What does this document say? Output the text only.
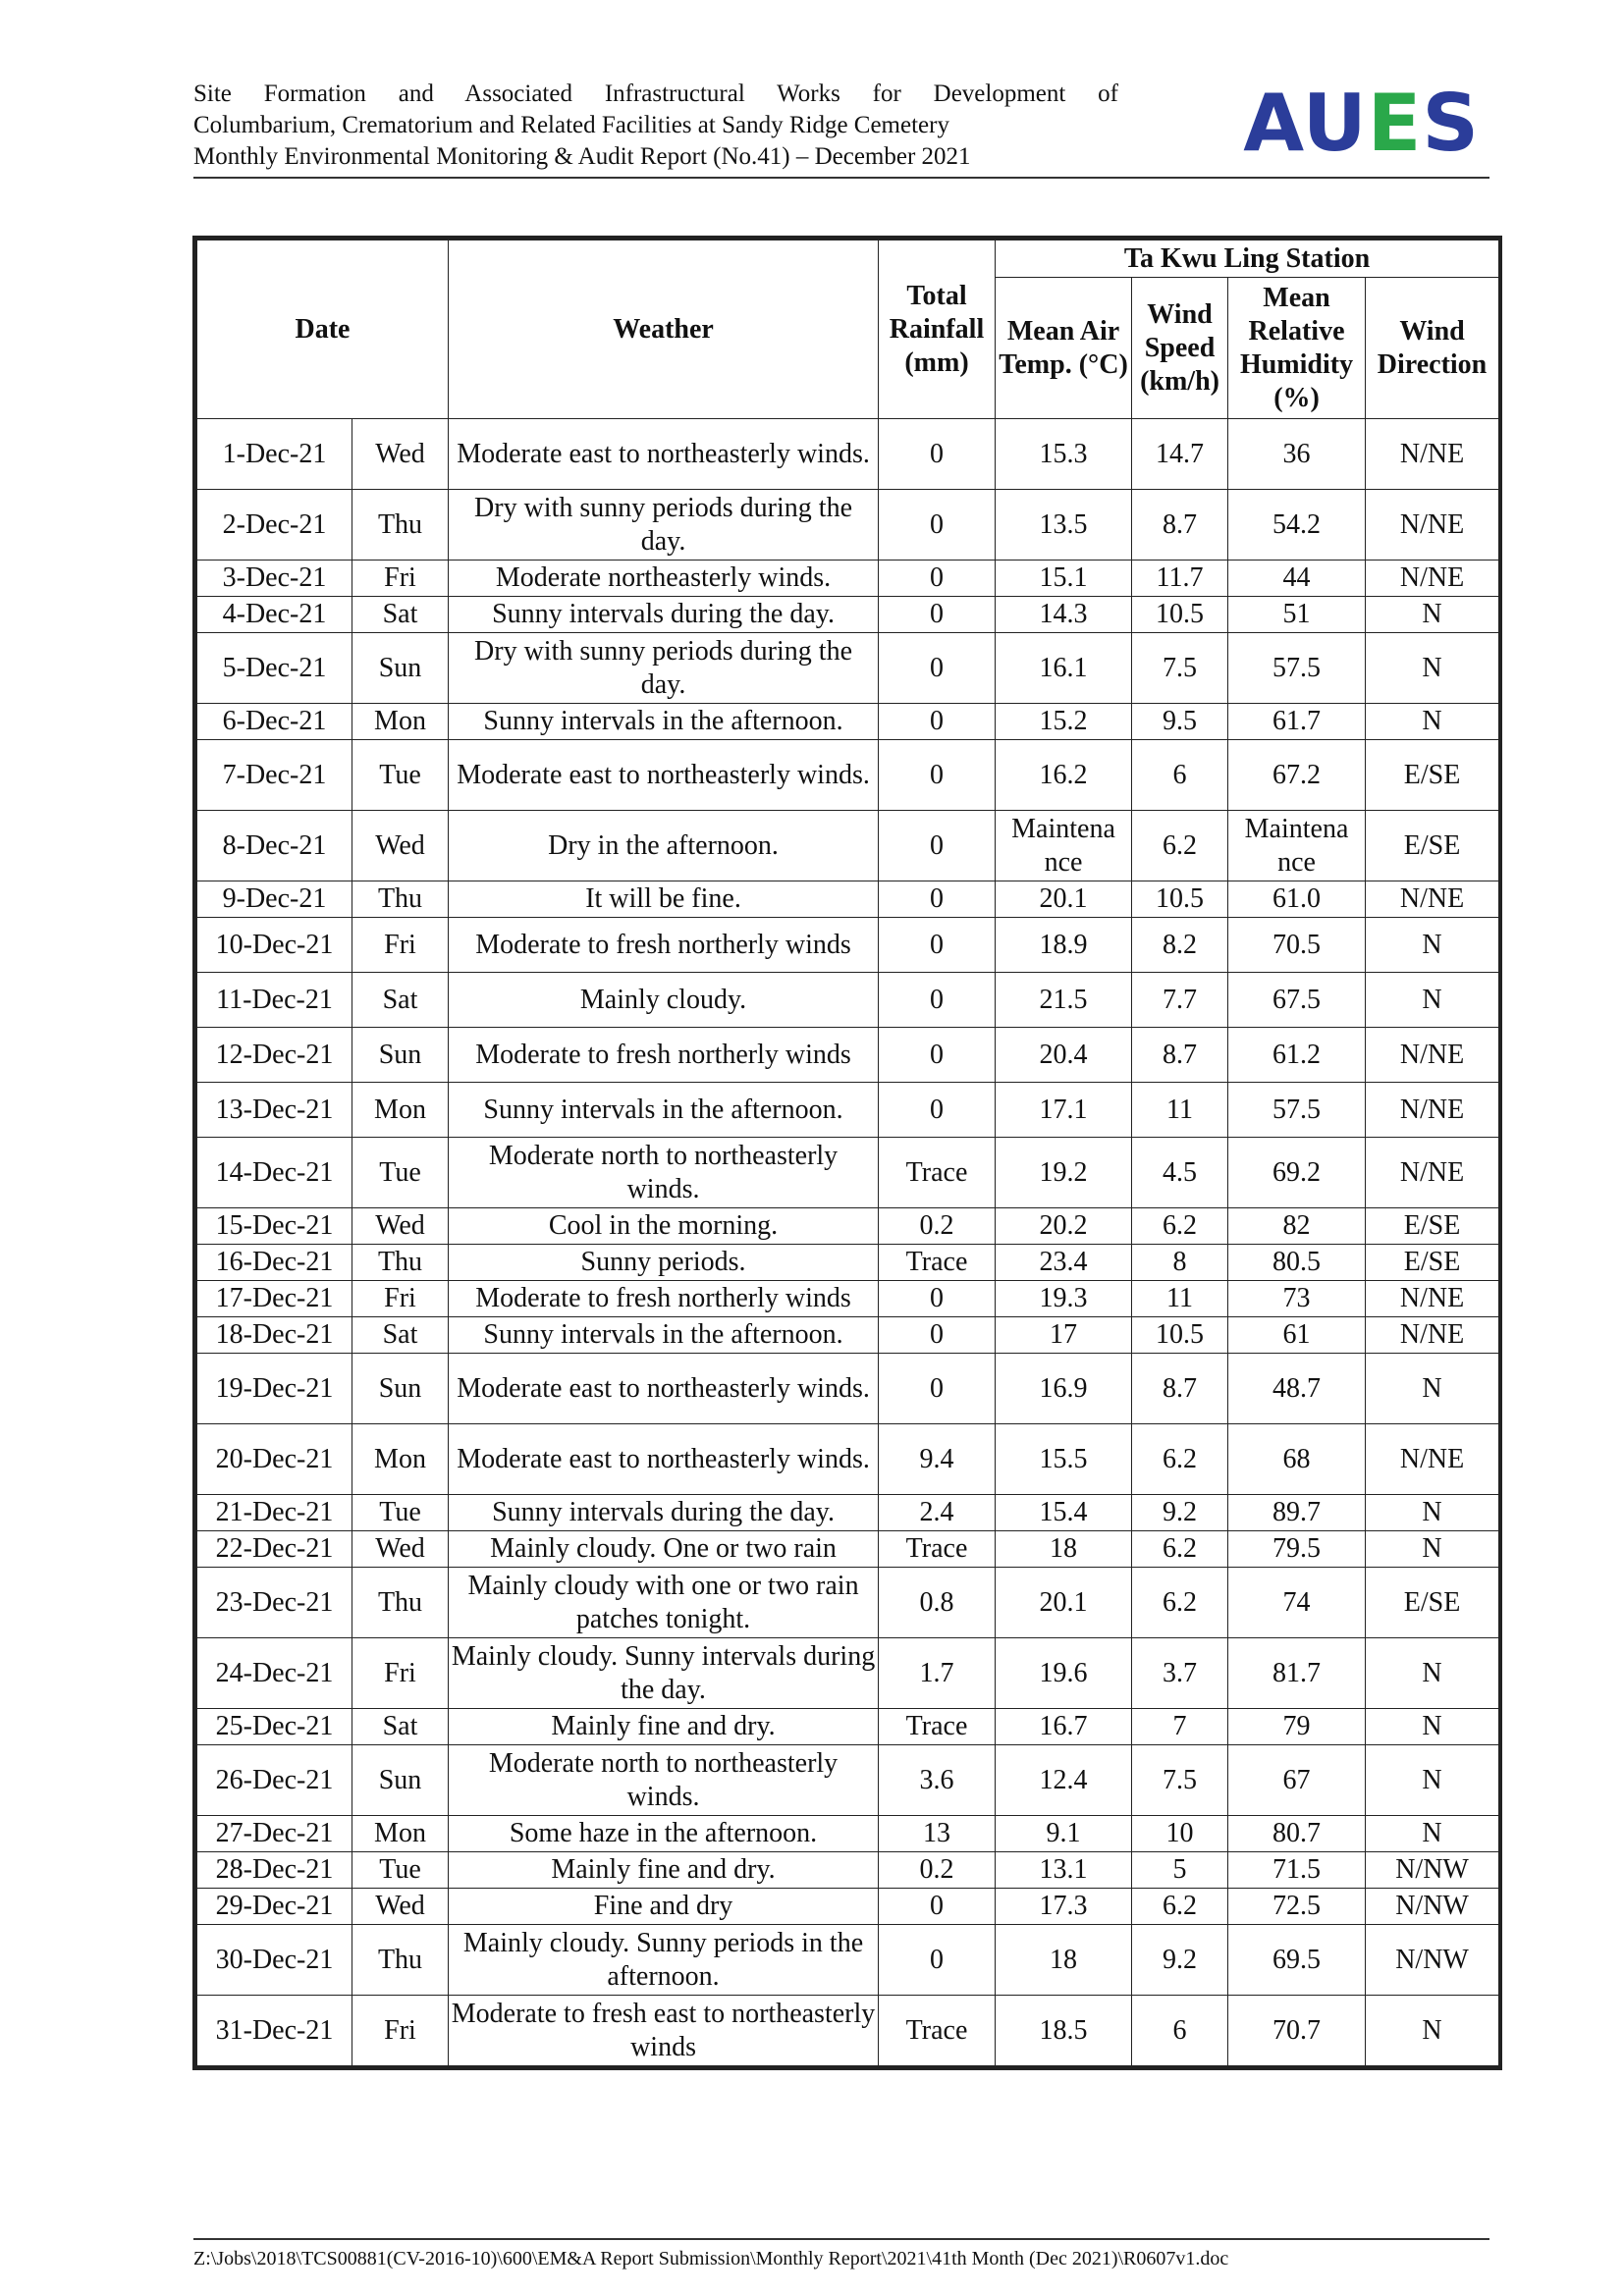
Site Formation and Associated Infrastructural Works for Development of
Columbarium, Crematorium and Related Facilities at Sandy Ridge Cemetery
Monthly Environmental Monitoring & Audit Report (No.41) – December 2021	AUES
Date		Weather	Total Rainfall (mm)	Ta Kwu Ling Station			
				Mean Air Temp. (°C)	Wind Speed (km/h)	Mean Relative Humidity (%)	Wind Direction
1-Dec-21	Wed	Moderate east to northeasterly winds.	0	15.3	14.7	36	N/NE
2-Dec-21	Thu	Dry with sunny periods during the day.	0	13.5	8.7	54.2	N/NE
3-Dec-21	Fri	Moderate northeasterly winds.	0	15.1	11.7	44	N/NE
4-Dec-21	Sat	Sunny intervals during the day.	0	14.3	10.5	51	N
5-Dec-21	Sun	Dry with sunny periods during the day.	0	16.1	7.5	57.5	N
6-Dec-21	Mon	Sunny intervals in the afternoon.	0	15.2	9.5	61.7	N
7-Dec-21	Tue	Moderate east to northeasterly winds.	0	16.2	6	67.2	E/SE
8-Dec-21	Wed	Dry in the afternoon.	0	Maintena nce	6.2	Maintena nce	E/SE
9-Dec-21	Thu	It will be fine.	0	20.1	10.5	61.0	N/NE
10-Dec-21	Fri	Moderate to fresh northerly winds	0	18.9	8.2	70.5	N
11-Dec-21	Sat	Mainly cloudy.	0	21.5	7.7	67.5	N
12-Dec-21	Sun	Moderate to fresh northerly winds	0	20.4	8.7	61.2	N/NE
13-Dec-21	Mon	Sunny intervals in the afternoon.	0	17.1	11	57.5	N/NE
14-Dec-21	Tue	Moderate north to northeasterly winds.	Trace	19.2	4.5	69.2	N/NE
15-Dec-21	Wed	Cool in the morning.	0.2	20.2	6.2	82	E/SE
16-Dec-21	Thu	Sunny periods.	Trace	23.4	8	80.5	E/SE
17-Dec-21	Fri	Moderate to fresh northerly winds	0	19.3	11	73	N/NE
18-Dec-21	Sat	Sunny intervals in the afternoon.	0	17	10.5	61	N/NE
19-Dec-21	Sun	Moderate east to northeasterly winds.	0	16.9	8.7	48.7	N
20-Dec-21	Mon	Moderate east to northeasterly winds.	9.4	15.5	6.2	68	N/NE
21-Dec-21	Tue	Sunny intervals during the day.	2.4	15.4	9.2	89.7	N
22-Dec-21	Wed	Mainly cloudy. One or two rain	Trace	18	6.2	79.5	N
23-Dec-21	Thu	Mainly cloudy with one or two rain patches tonight.	0.8	20.1	6.2	74	E/SE
24-Dec-21	Fri	Mainly cloudy. Sunny intervals during the day.	1.7	19.6	3.7	81.7	N
25-Dec-21	Sat	Mainly fine and dry.	Trace	16.7	7	79	N
26-Dec-21	Sun	Moderate north to northeasterly winds.	3.6	12.4	7.5	67	N
27-Dec-21	Mon	Some haze in the afternoon.	13	9.1	10	80.7	N
28-Dec-21	Tue	Mainly fine and dry.	0.2	13.1	5	71.5	N/NW
29-Dec-21	Wed	Fine and dry	0	17.3	6.2	72.5	N/NW
30-Dec-21	Thu	Mainly cloudy. Sunny periods in the afternoon.	0	18	9.2	69.5	N/NW
31-Dec-21	Fri	Moderate to fresh east to northeasterly winds	Trace	18.5	6	70.7	N
Z:\Jobs\2018\TCS00881(CV-2016-10)\600\EM&A Report Submission\Monthly Report\2021\41th Month (Dec 2021)\R0607v1.doc
